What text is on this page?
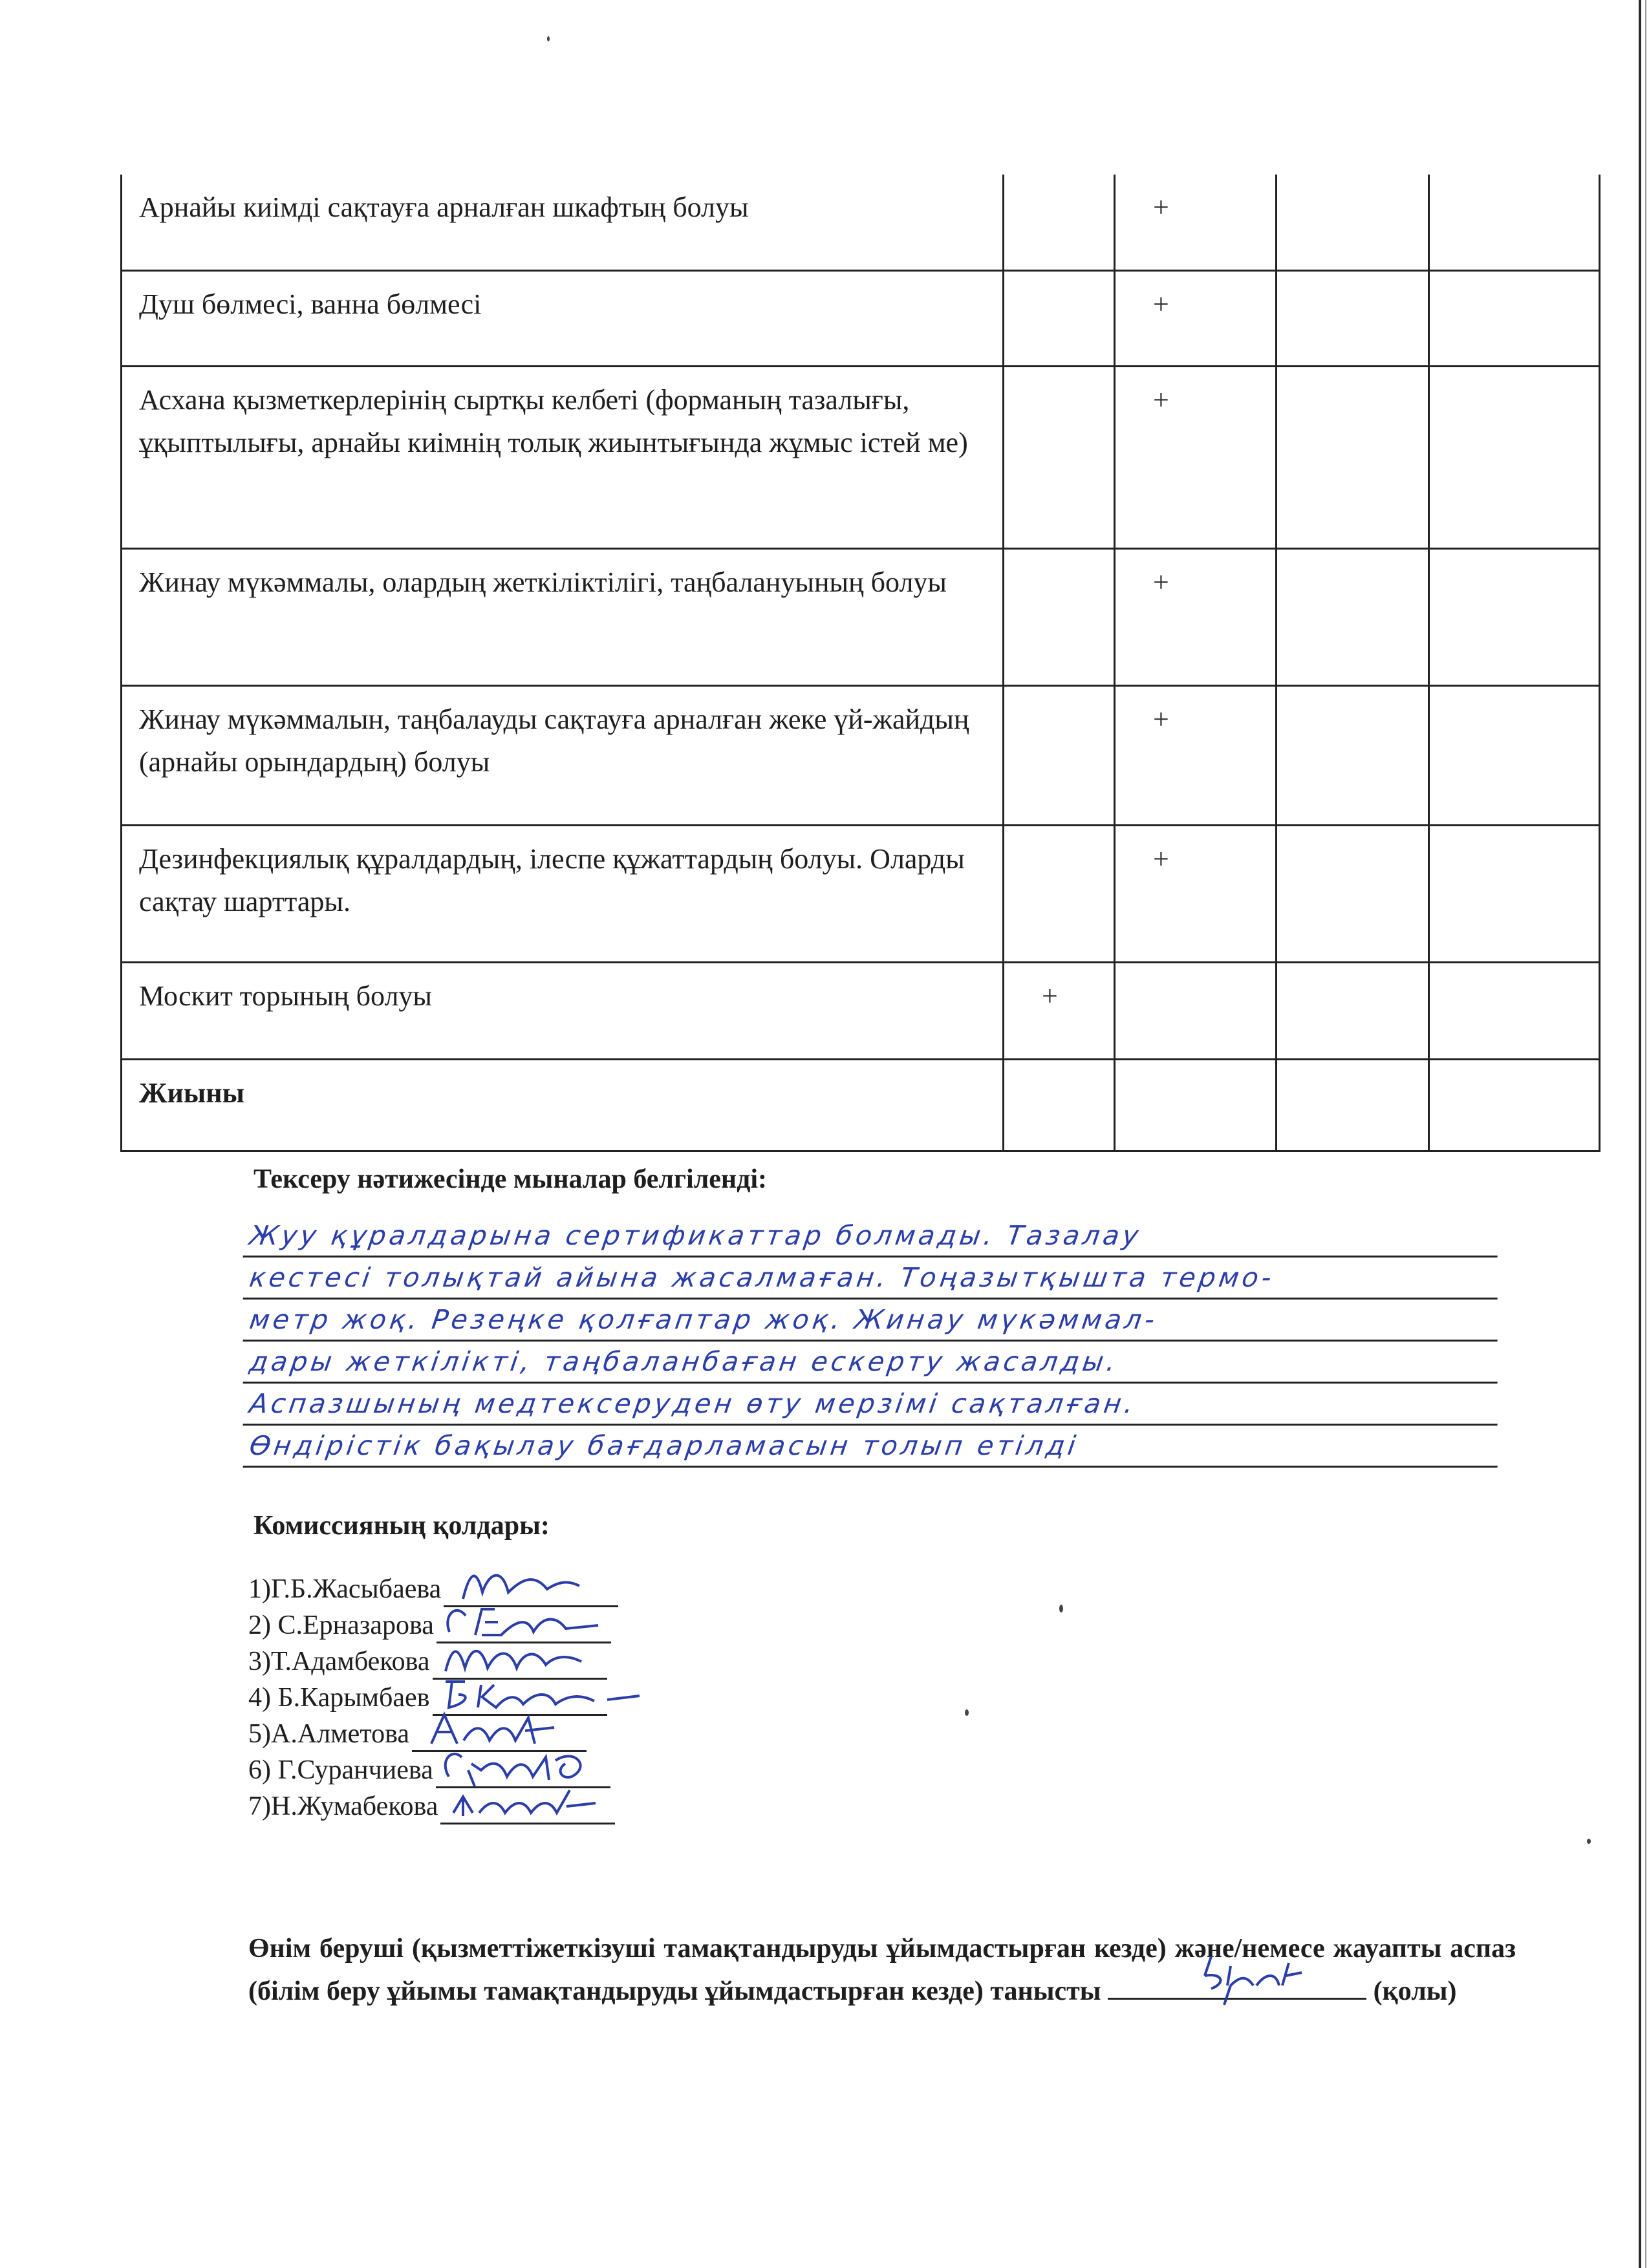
Арнайы киімді сақтауға арналған шкафтың болуы		+		
Душ бөлмесі, ванна бөлмесі		+		
Асхана қызметкерлерінің сыртқы келбеті (форманың тазалығы, ұқыптылығы, арнайы киімнің толық жиынтығында жұмыс істей ме)		+		
Жинау мүкәммалы, олардың жеткіліктілігі, таңбалануының болуы		+		
Жинау мүкәммалын, таңбалауды сақтауға арналған жеке үй-жайдың (арнайы орындардың) болуы		+		
Дезинфекциялық құралдардың, ілеспе құжаттардың болуы. Оларды сақтау шарттары.		+		
Москит торының болуы	+			
Жиыны				
Тексеру нәтижесінде мыналар белгіленді:
Жуу құралдарына сертификаттар болмады. Тазалау
кестесі толықтай айына жасалмаған. Тоңазытқышта термо-
метр жоқ. Резеңке қолғаптар жоқ. Жинау мүкәммал-
дары жеткілікті, таңбаланбаған ескерту жасалды.
Аспазшының медтексеруден өту мерзімі сақталған.
Өндірістік бақылау бағдарламасын толып етілді
Комиссияның қолдары:
1)Г.Б.Жасыбаева
2) С.Ерназарова
3)Т.Адамбекова
4) Б.Карымбаев
5)А.Алметова
6) Г.Суранчиева
7)Н.Жумабекова
Өнім беруші (қызметтіжеткізуші тамақтандыруды ұйымдастырған кезде) және/немесе жауапты аспаз (білім беру ұйымы тамақтандыруды ұйымдастырған кезде) танысты	(қолы)
